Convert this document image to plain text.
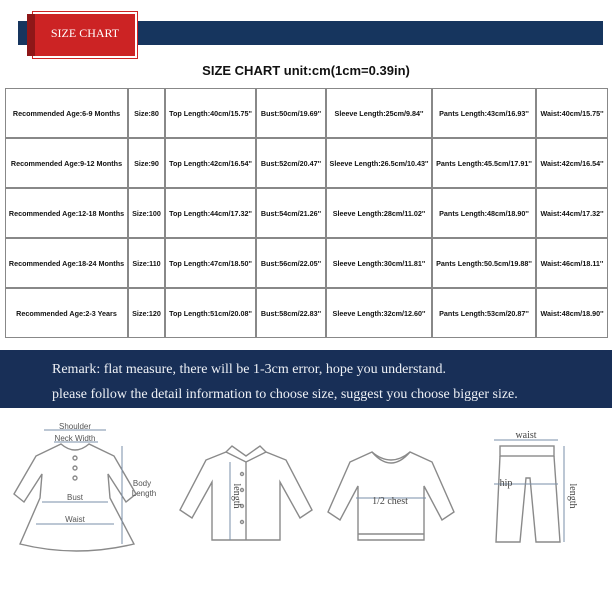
SIZE CHART
SIZE CHART unit:cm(1cm=0.39in)
Recommended Age:6-9 Months	Size:80	Top Length:40cm/15.75''	Bust:50cm/19.69''	Sleeve Length:25cm/9.84''	Pants Length:43cm/16.93''	Waist:40cm/15.75''
Recommended Age:9-12 Months	Size:90	Top Length:42cm/16.54''	Bust:52cm/20.47''	Sleeve Length:26.5cm/10.43''	Pants Length:45.5cm/17.91''	Waist:42cm/16.54''
Recommended Age:12-18 Months	Size:100	Top Length:44cm/17.32''	Bust:54cm/21.26''	Sleeve Length:28cm/11.02''	Pants Length:48cm/18.90''	Waist:44cm/17.32''
Recommended Age:18-24 Months	Size:110	Top Length:47cm/18.50''	Bust:56cm/22.05''	Sleeve Length:30cm/11.81''	Pants Length:50.5cm/19.88''	Waist:46cm/18.11''
Recommended Age:2-3 Years	Size:120	Top Length:51cm/20.08''	Bust:58cm/22.83''	Sleeve Length:32cm/12.60''	Pants Length:53cm/20.87''	Waist:48cm/18.90''
Remark: flat measure, there will be 1-3cm error, hope you understand.
please follow the detail information to choose size, suggest you choose bigger size.
Shoulder
Neck Width
Bust
Waist
Body
Length	length	1/2 chest
waist
hip	length
